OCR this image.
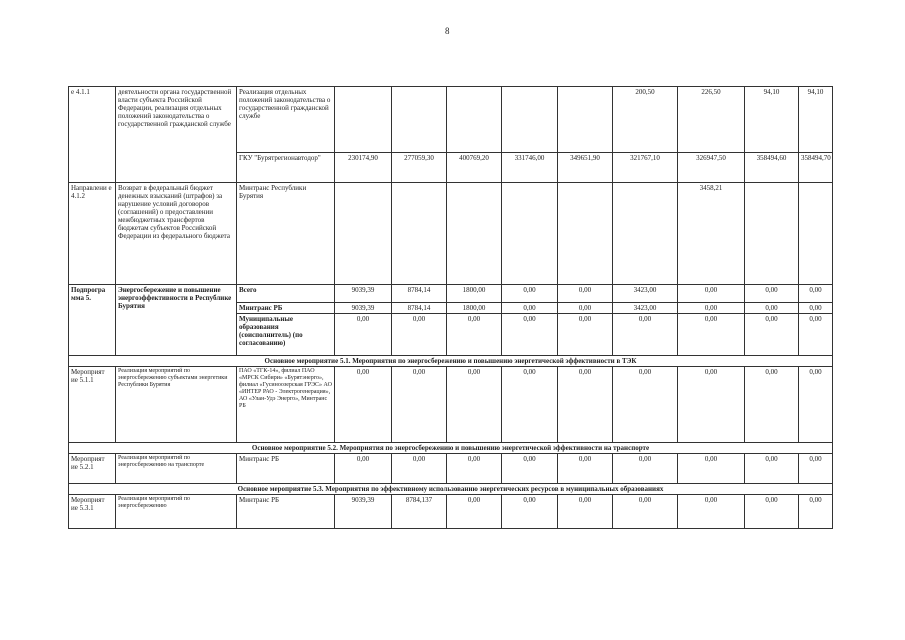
8
е 4.1.1	деятельности органа государственной власти субъекта Российской Федерации, реализация отдельных положений законодательства о государственной гражданской службе	Реализация отдельных положений законодательства о государственной гражданской службе						200,50	226,50	94,10	94,10
		ГКУ "Бурятрегионавтодор"	230174,90	277059,30	400769,20	331746,00	349651,90	321767,10	326947,50	358494,60	358494,70
Направлени е 4.1.2	Возврат в федеральный бюджет денежных взысканий (штрафов) за нарушение условий договоров (соглашений) о предоставлении межбюджетных трансфертов бюджетам субъектов Российской Федерации из федерального бюджета	Минтранс Республики Бурятия							3458,21		
Подпрогра мма 5.	Энергосбережение и повышение энергоэффективности в Республике Бурятия	Всего	9039,39	8784,14	1800,00	0,00	0,00	3423,00	0,00	0,00	0,00
		Минтранс РБ	9039,39	8784,14	1800,00	0,00	0,00	3423,00	0,00	0,00	0,00
		Муниципальные образования (соисполнитель) (по согласованию)	0,00	0,00	0,00	0,00	0,00	0,00	0,00	0,00	0,00
Основное мероприятие 5.1. Мероприятия по энергосбережению и повышению энергетической эффективности в ТЭК											
Мероприят ие 5.1.1	Реализация мероприятий по энергосбережению субъектами энергетики Республики Бурятия	ПАО «ТГК-14», филиал ПАО «МРСК Сибири» «Бурятэнерго», филиал «Гусиноозерская ГРЭС» АО «ИНТЕР РАО - Электрогенерация», АО «Улан-Удэ Энерго», Минтранс РБ	0,00	0,00	0,00	0,00	0,00	0,00	0,00	0,00	0,00
Основное мероприятие 5.2. Мероприятия по энергосбережению и повышению энергетической эффективности на транспорте											
Мероприят ие 5.2.1	Реализация мероприятий по энергосбережению на транспорте	Минтранс РБ	0,00	0,00	0,00	0,00	0,00	0,00	0,00	0,00	0,00
Основное мероприятие 5.3. Мероприятия по эффективному использованию энергетических ресурсов в муниципальных образованиях											
Мероприят ие 5.3.1	Реализация мероприятий по энергосбережению	Минтранс РБ	9039,39	8784,137	0,00	0,00	0,00	0,00	0,00	0,00	0,00
